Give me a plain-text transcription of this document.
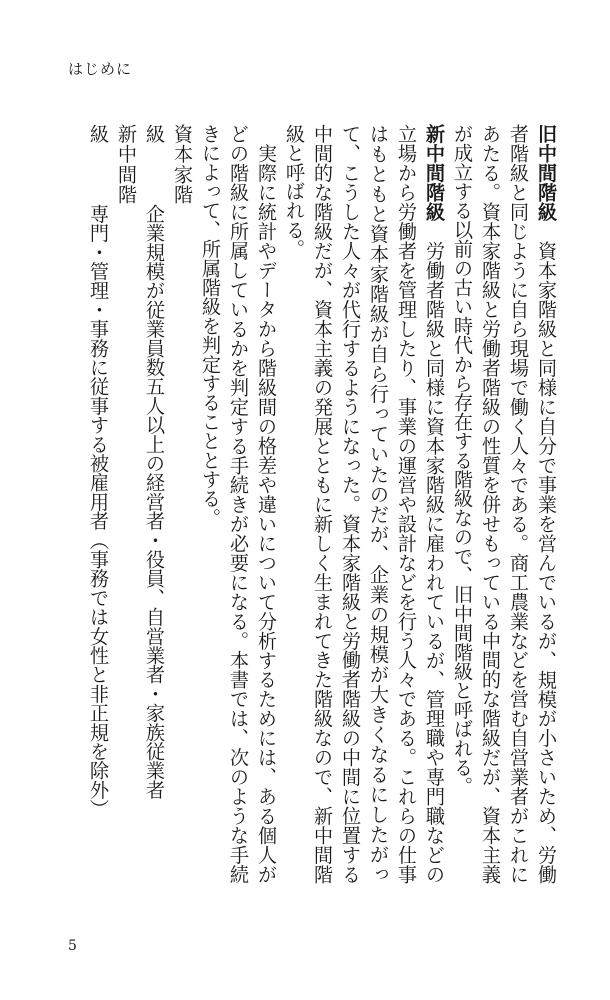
はじめに

旧中間階級　資本家階級と同様に自分で事業を営んでいるが、規模が小さいため、労働者階級と同じように自ら現場で働く人々である。商工農業などを営む自営業者がこれにあたる。資本家階級と労働者階級の性質を併せもっている中間的な階級だが、資本主義が成立する以前の古い時代から存在する階級なので、旧中間階級と呼ばれる。

新中間階級　労働者階級と同様に資本家階級に雇われているが、管理職や専門職などの立場から労働者を管理したり、事業の運営や設計などを行う人々である。これらの仕事はもともと資本家階級が自ら行っていたのだが、企業の規模が大きくなるにしたがって、こうした人々が代行するようになった。資本家階級と労働者階級の中間に位置する中間的な階級だが、資本主義の発展とともに新しく生まれてきた階級なので、新中間階級と呼ばれる。

　実際に統計やデータから階級間の格差や違いについて分析するためには、ある個人がどの階級に所属しているかを判定する手続きが必要になる。本書では、次のような手続きによって、所属階級を判定することとする。

資本家階級企業規模が従業員数五人以上の経営者・役員、自営業者・家族従業者

新中間階級専門・管理・事務に従事する被雇用者（事務では女性と非正規を除外）

5
